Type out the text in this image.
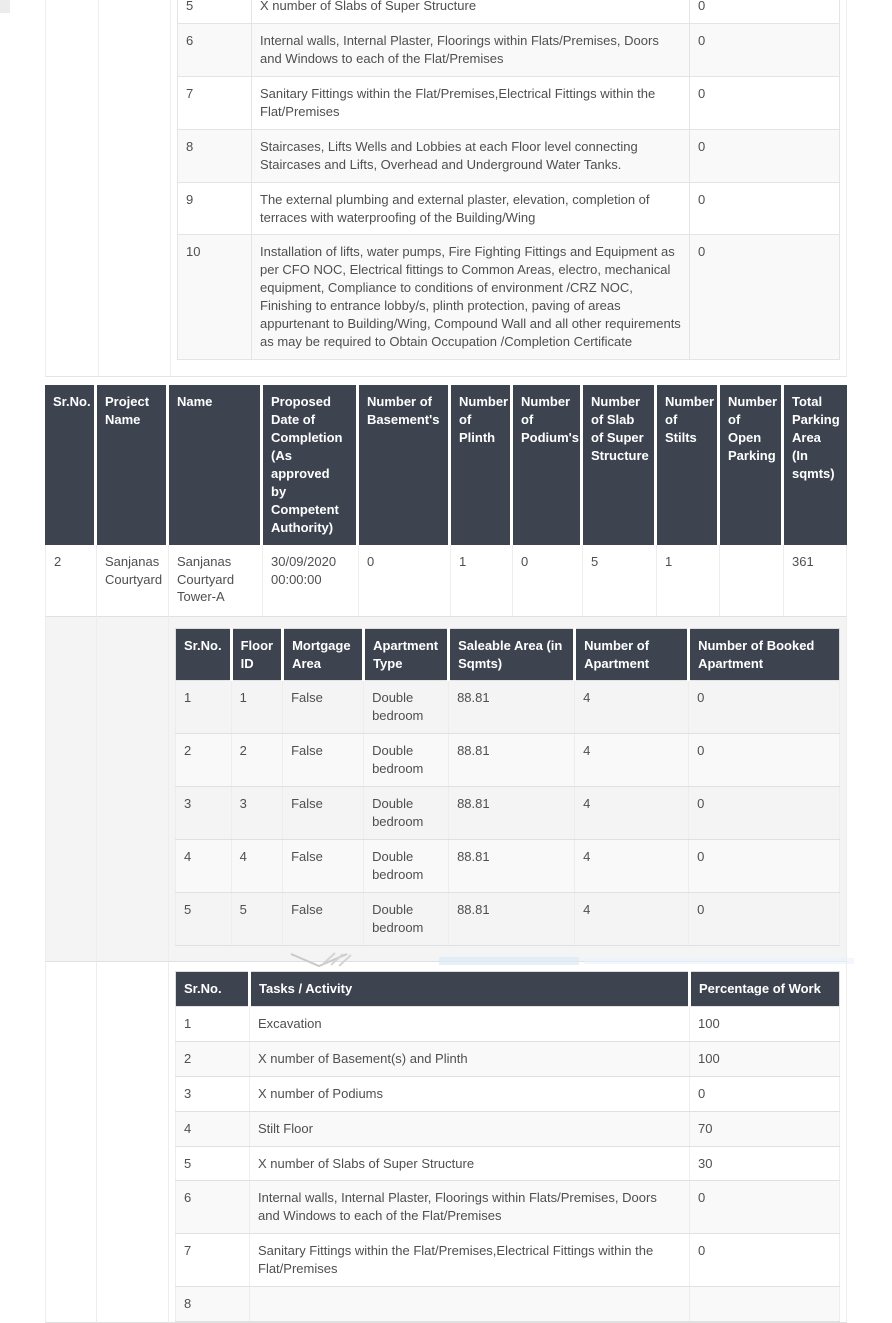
5	X number of Slabs of Super Structure	0
6	Internal walls, Internal Plaster, Floorings within Flats/Premises, Doors and Windows to each of the Flat/Premises	0
7	Sanitary Fittings within the Flat/Premises,Electrical Fittings within the Flat/Premises	0
8	Staircases, Lifts Wells and Lobbies at each Floor level connecting Staircases and Lifts, Overhead and Underground Water Tanks.	0
9	The external plumbing and external plaster, elevation, completion of terraces with waterproofing of the Building/Wing	0
10	Installation of lifts, water pumps, Fire Fighting Fittings and Equipment as per CFO NOC, Electrical fittings to Common Areas, electro, mechanical equipment, Compliance to conditions of environment /CRZ NOC, Finishing to entrance lobby/s, plinth protection, paving of areas appurtenant to Building/Wing, Compound Wall and all other requirements as may be required to Obtain Occupation /Completion Certificate	0
Sr.No.	Project Name	Name	Proposed Date of Completion (As approved by Competent Authority)	Number of Basement's	Number of Plinth	Number of Podium's	Number of Slab of Super Structure	Number of Stilts	Number of Open Parking	Total Parking Area (In sqmts)
2	Sanjanas Courtyard	Sanjanas Courtyard Tower-A	30/09/2020 00:00:00	0	1	0	5	1		361

Sr.No.	Floor ID	Mortgage Area	Apartment Type	Saleable Area (in Sqmts)	Number of Apartment	Number of Booked Apartment
1	1	False	Double bedroom	88.81	4	0
2	2	False	Double bedroom	88.81	4	0
3	3	False	Double bedroom	88.81	4	0
4	4	False	Double bedroom	88.81	4	0
5	5	False	Double bedroom	88.81	4	0

Sr.No.	Tasks / Activity	Percentage of Work
1	Excavation	100
2	X number of Basement(s) and Plinth	100
3	X number of Podiums	0
4	Stilt Floor	70
5	X number of Slabs of Super Structure	30
6	Internal walls, Internal Plaster, Floorings within Flats/Premises, Doors and Windows to each of the Flat/Premises	0
7	Sanitary Fittings within the Flat/Premises,Electrical Fittings within the Flat/Premises	0
8		
